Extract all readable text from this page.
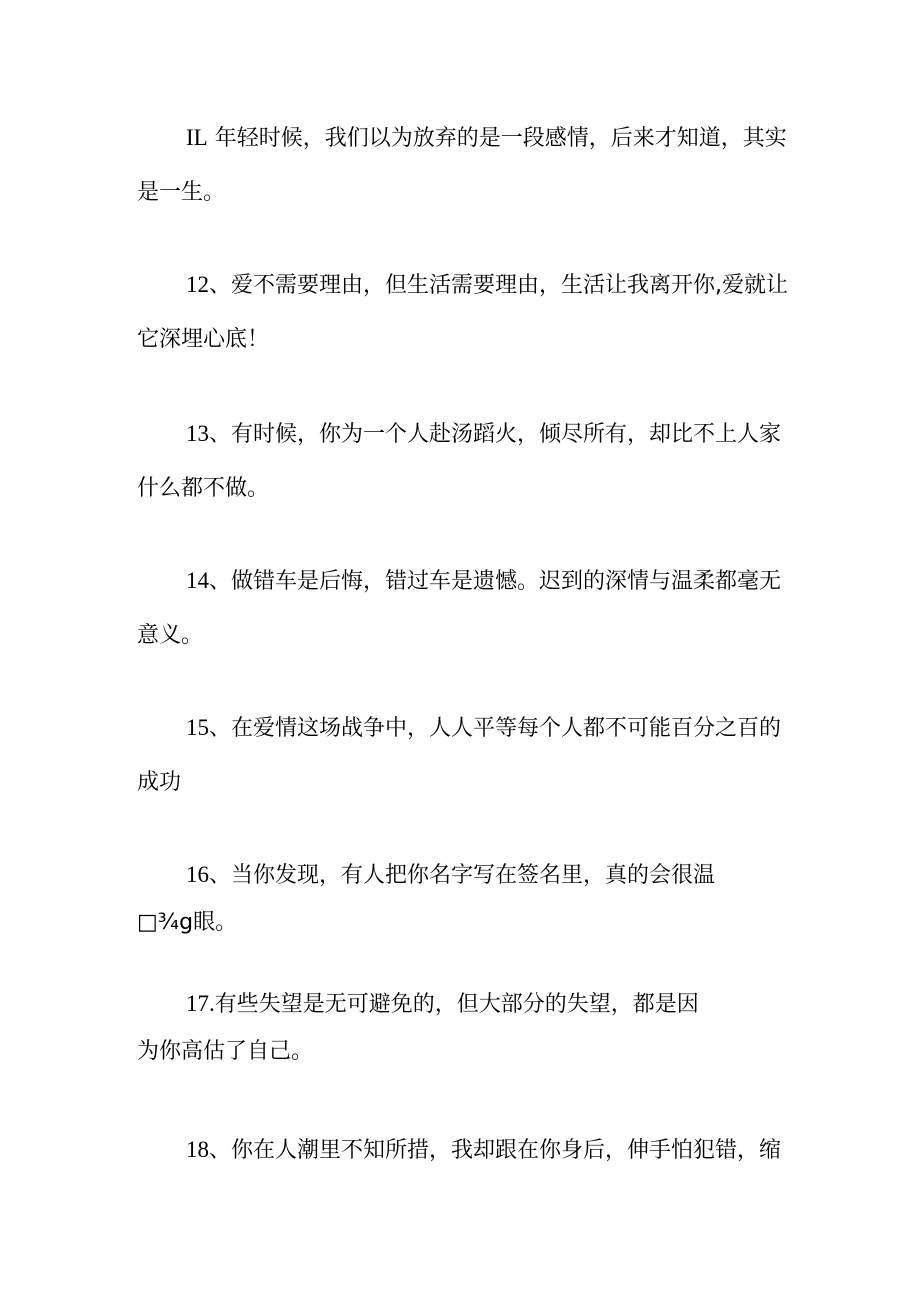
IL 年轻时候，我们以为放弃的是一段感情，后来才知道，其实
是一生。
12、爱不需要理由，但生活需要理由，生活让我离开你,爱就让
它深埋心底！
13、有时候，你为一个人赴汤蹈火，倾尽所有，却比不上人家
什么都不做。
14、做错车是后悔，错过车是遗憾。迟到的深情与温柔都毫无
意义。
15、在爱情这场战争中，人人平等每个人都不可能百分之百的
成功
16、当你发现，有人把你名字写在签名里，真的会很温
□¾g眼。
17.有些失望是无可避免的，但大部分的失望，都是因
为你高估了自己。
18、你在人潮里不知所措，我却跟在你身后，伸手怕犯错，缩
